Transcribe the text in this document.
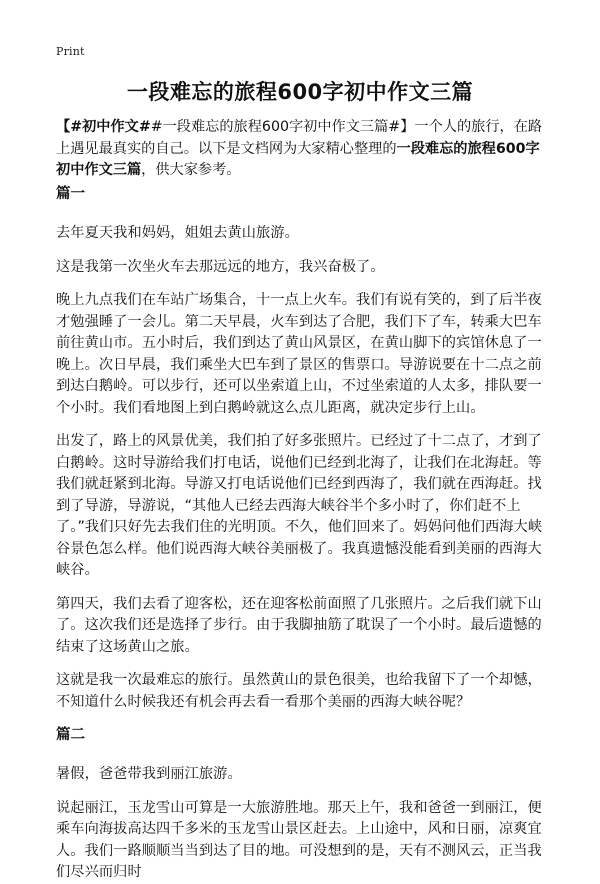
Print
一段难忘的旅程600字初中作文三篇

【#初中作文##一段难忘的旅程600字初中作文三篇#】一个人的旅行，在路上遇见最真实的自己。以下是文档网为大家精心整理的一段难忘的旅程600字初中作文三篇，供大家参考。

篇一

去年夏天我和妈妈，姐姐去黄山旅游。

这是我第一次坐火车去那远远的地方，我兴奋极了。

晚上九点我们在车站广场集合，十一点上火车。我们有说有笑的，到了后半夜才勉强睡了一会儿。第二天早晨，火车到达了合肥，我们下了车，转乘大巴车前往黄山市。五小时后，我们到达了黄山风景区，在黄山脚下的宾馆休息了一晚上。次日早晨，我们乘坐大巴车到了景区的售票口。导游说要在十二点之前到达白鹅岭。可以步行，还可以坐索道上山，不过坐索道的人太多，排队要一个小时。我们看地图上到白鹅岭就这么点儿距离，就决定步行上山。

出发了，路上的风景优美，我们拍了好多张照片。已经过了十二点了，才到了白鹅岭。这时导游给我们打电话，说他们已经到北海了，让我们在北海赶。等我们就赶紧到北海。导游又打电话说他们已经到西海了，我们就在西海赶。找到了导游，导游说，“其他人已经去西海大峡谷半个多小时了，你们赶不上了。”我们只好先去我们住的光明顶。不久，他们回来了。妈妈问他们西海大峡谷景色怎么样。他们说西海大峡谷美丽极了。我真遗憾没能看到美丽的西海大峡谷。

第四天，我们去看了迎客松，还在迎客松前面照了几张照片。之后我们就下山了。这次我们还是选择了步行。由于我脚抽筋了耽误了一个小时。最后遗憾的结束了这场黄山之旅。

这就是我一次最难忘的旅行。虽然黄山的景色很美，也给我留下了一个却憾，不知道什么时候我还有机会再去看一看那个美丽的西海大峡谷呢？

篇二

暑假，爸爸带我到丽江旅游。

说起丽江，玉龙雪山可算是一大旅游胜地。那天上午，我和爸爸一到丽江，便乘车向海拔高达四千多米的玉龙雪山景区赶去。上山途中，风和日丽，凉爽宜人。我们一路顺顺当当到达了目的地。可没想到的是，天有不测风云，正当我们尽兴而归时
